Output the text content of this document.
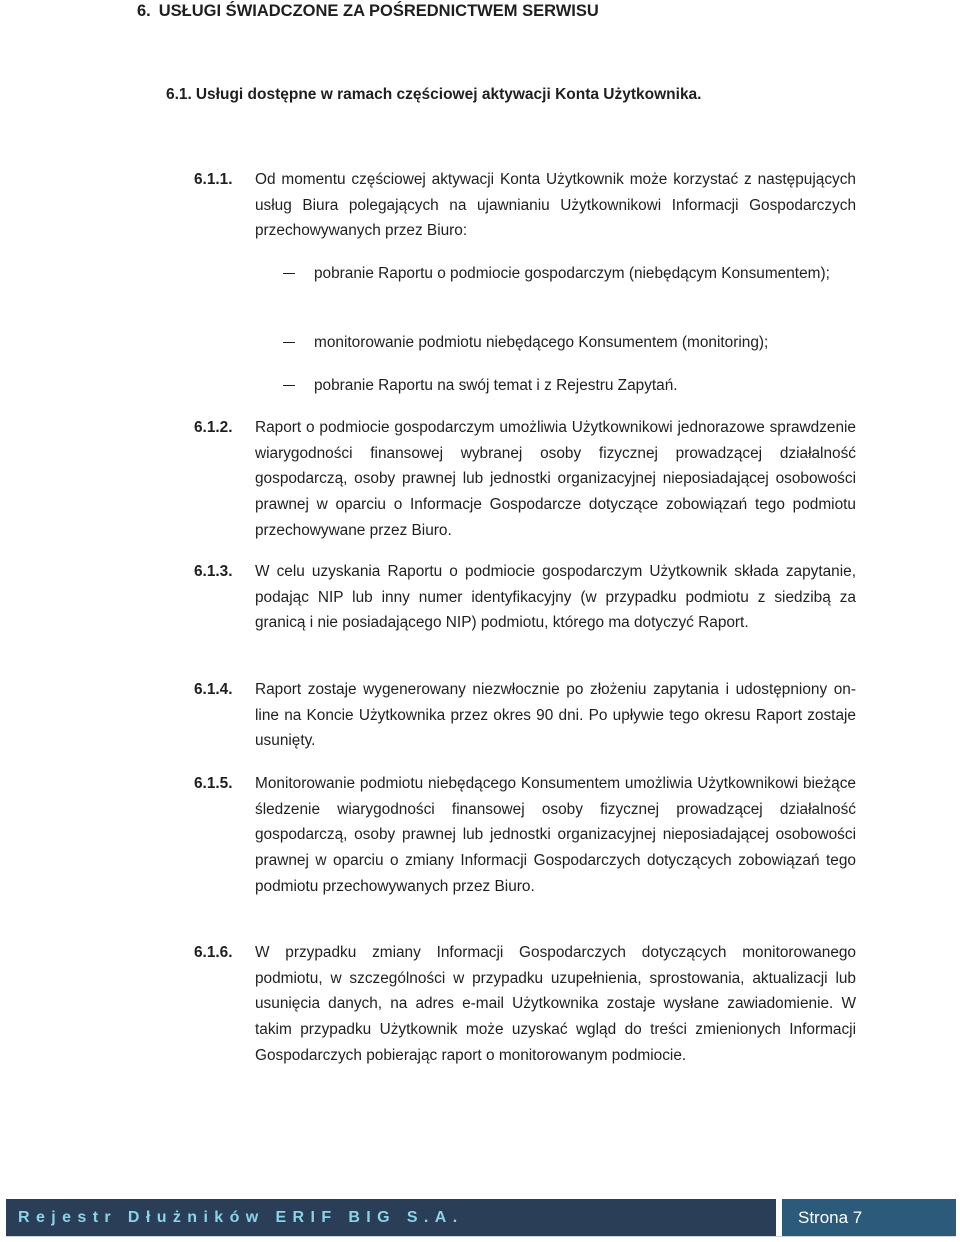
6. USŁUGI ŚWIADCZONE ZA POŚREDNICTWEM SERWISU
6.1. Usługi dostępne w ramach częściowej aktywacji Konta Użytkownika.
6.1.1. Od momentu częściowej aktywacji Konta Użytkownik może korzystać z następujących usług Biura polegających na ujawnianiu Użytkownikowi Informacji Gospodarczych przechowywanych przez Biuro:
pobranie Raportu o podmiocie gospodarczym (niebędącym Konsumentem);
monitorowanie podmiotu niebędącego Konsumentem (monitoring);
pobranie Raportu na swój temat i z Rejestru Zapytań.
6.1.2. Raport o podmiocie gospodarczym umożliwia Użytkownikowi jednorazowe sprawdzenie wiarygodności finansowej wybranej osoby fizycznej prowadzącej działalność gospodarczą, osoby prawnej lub jednostki organizacyjnej nieposiadającej osobowości prawnej w oparciu o Informacje Gospodarcze dotyczące zobowiązań tego podmiotu przechowywane przez Biuro.
6.1.3. W celu uzyskania Raportu o podmiocie gospodarczym Użytkownik składa zapytanie, podając NIP lub inny numer identyfikacyjny (w przypadku podmiotu z siedzibą za granicą i nie posiadającego NIP) podmiotu, którego ma dotyczyć Raport.
6.1.4. Raport zostaje wygenerowany niezwłocznie po złożeniu zapytania i udostępniony on-line na Koncie Użytkownika przez okres 90 dni. Po upływie tego okresu Raport zostaje usunięty.
6.1.5. Monitorowanie podmiotu niebędącego Konsumentem umożliwia Użytkownikowi bieżące śledzenie wiarygodności finansowej osoby fizycznej prowadzącej działalność gospodarczą, osoby prawnej lub jednostki organizacyjnej nieposiadającej osobowości prawnej w oparciu o zmiany Informacji Gospodarczych dotyczących zobowiązań tego podmiotu przechowywanych przez Biuro.
6.1.6. W przypadku zmiany Informacji Gospodarczych dotyczących monitorowanego podmiotu, w szczególności w przypadku uzupełnienia, sprostowania, aktualizacji lub usunięcia danych, na adres e-mail Użytkownika zostaje wysłane zawiadomienie. W takim przypadku Użytkownik może uzyskać wgląd do treści zmienionych Informacji Gospodarczych pobierając raport o monitorowanym podmiocie.
Rejestr Dłużników ERIF BIG S.A.	Strona 7
